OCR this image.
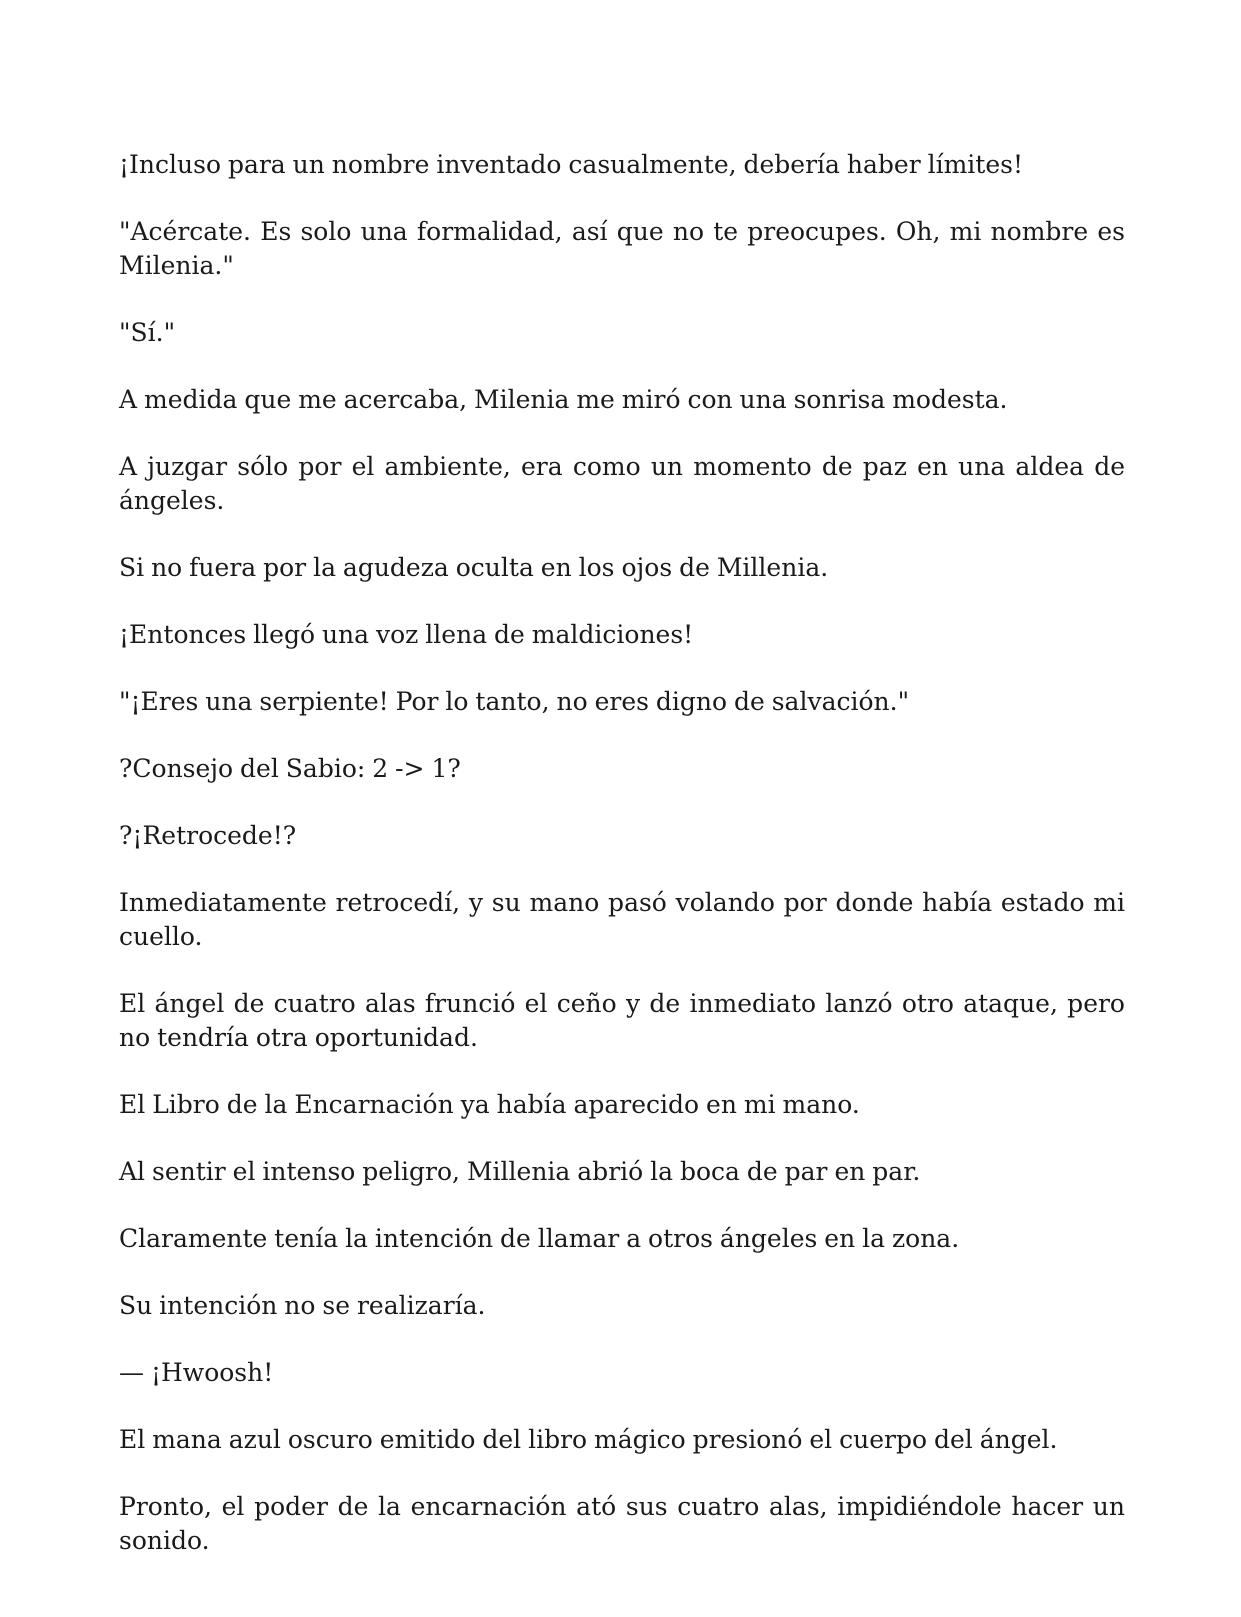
¡Incluso para un nombre inventado casualmente, debería haber límites!

"Acércate. Es solo una formalidad, así que no te preocupes. Oh, mi nombre es Milenia."

"Sí."

A medida que me acercaba, Milenia me miró con una sonrisa modesta.

A juzgar sólo por el ambiente, era como un momento de paz en una aldea de ángeles.

Si no fuera por la agudeza oculta en los ojos de Millenia.

¡Entonces llegó una voz llena de maldiciones!

"¡Eres una serpiente! Por lo tanto, no eres digno de salvación."

?Consejo del Sabio: 2 -> 1?

?¡Retrocede!?

Inmediatamente retrocedí, y su mano pasó volando por donde había estado mi cuello.

El ángel de cuatro alas frunció el ceño y de inmediato lanzó otro ataque, pero no tendría otra oportunidad.

El Libro de la Encarnación ya había aparecido en mi mano.

Al sentir el intenso peligro, Millenia abrió la boca de par en par.

Claramente tenía la intención de llamar a otros ángeles en la zona.

Su intención no se realizaría.

— ¡Hwoosh!

El mana azul oscuro emitido del libro mágico presionó el cuerpo del ángel.

Pronto, el poder de la encarnación ató sus cuatro alas, impidiéndole hacer un sonido.
